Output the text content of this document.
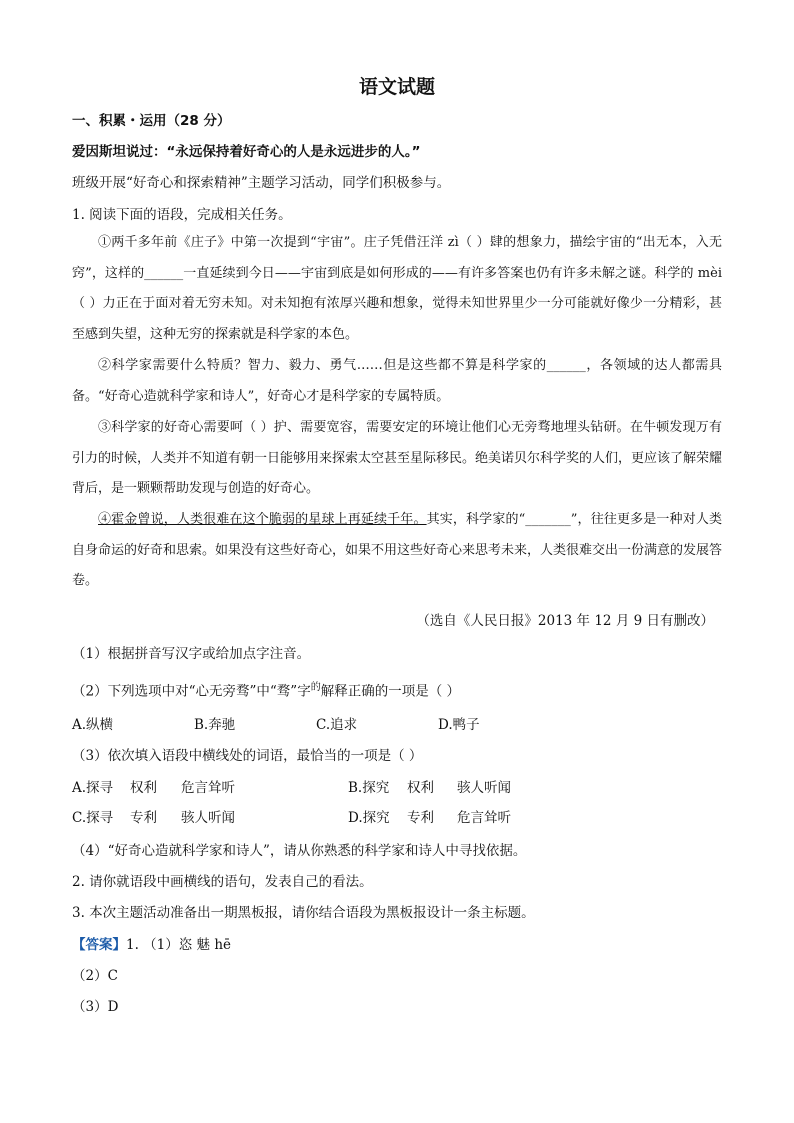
语文试题
一、积累・运用（28 分）
爱因斯坦说过：“永远保持着好奇心的人是永远进步的人。”
班级开展“好奇心和探索精神”主题学习活动，同学们积极参与。
1. 阅读下面的语段，完成相关任务。
①两千多年前《庄子》中第一次提到“宇宙”。庄子凭借汪洋 zì（ ）肆的想象力，描绘宇宙的“出无本，入无窍”，这样的______一直延续到今日——宇宙到底是如何形成的——有许多答案也仍有许多未解之谜。科学的 mèi（ ）力正在于面对着无穷未知。对未知抱有浓厚兴趣和想象，觉得未知世界里少一分可能就好像少一分精彩，甚至感到失望，这种无穷的探索就是科学家的本色。
②科学家需要什么特质？智力、毅力、勇气……但是这些都不算是科学家的______，各领域的达人都需具备。“好奇心造就科学家和诗人”，好奇心才是科学家的专属特质。
③科学家的好奇心需要呵（ ）护、需要宽容，需要安定的环境让他们心无旁骛地埋头钻研。在牛顿发现万有引力的时候，人类并不知道有朝一日能够用来探索太空甚至星际移民。绝美诺贝尔科学奖的人们，更应该了解荣耀背后，是一颗颗帮助发现与创造的好奇心。
④霍金曾说，人类很难在这个脆弱的星球上再延续千年。其实，科学家的“_______”，往往更多是一种对人类自身命运的好奇和思索。如果没有这些好奇心，如果不用这些好奇心来思考未来，人类很难交出一份满意的发展答卷。
（选自《人民日报》2013 年 12 月 9 日有删改）
（1）根据拼音写汉字或给加点字注音。
（2）下列选项中对“心无旁骛”中“骛”字$^的$解释正确的一项是（ ）
A.纵横	B.奔驰	C.追求	D.鸭子
（3）依次填入语段中横线处的词语，最恰当的一项是（ ）
A.探寻 权利 危言耸听	B.探究 权利 骇人听闻
C.探寻 专利 骇人听闻	D.探究 专利 危言耸听
（4）“好奇心造就科学家和诗人”，请从你熟悉的科学家和诗人中寻找依据。
2. 请你就语段中画横线的语句，发表自己的看法。
3. 本次主题活动准备出一期黑板报，请你结合语段为黑板报设计一条主标题。
【答案】1. （1）恣 魅 hē
（2）C
（3）D
